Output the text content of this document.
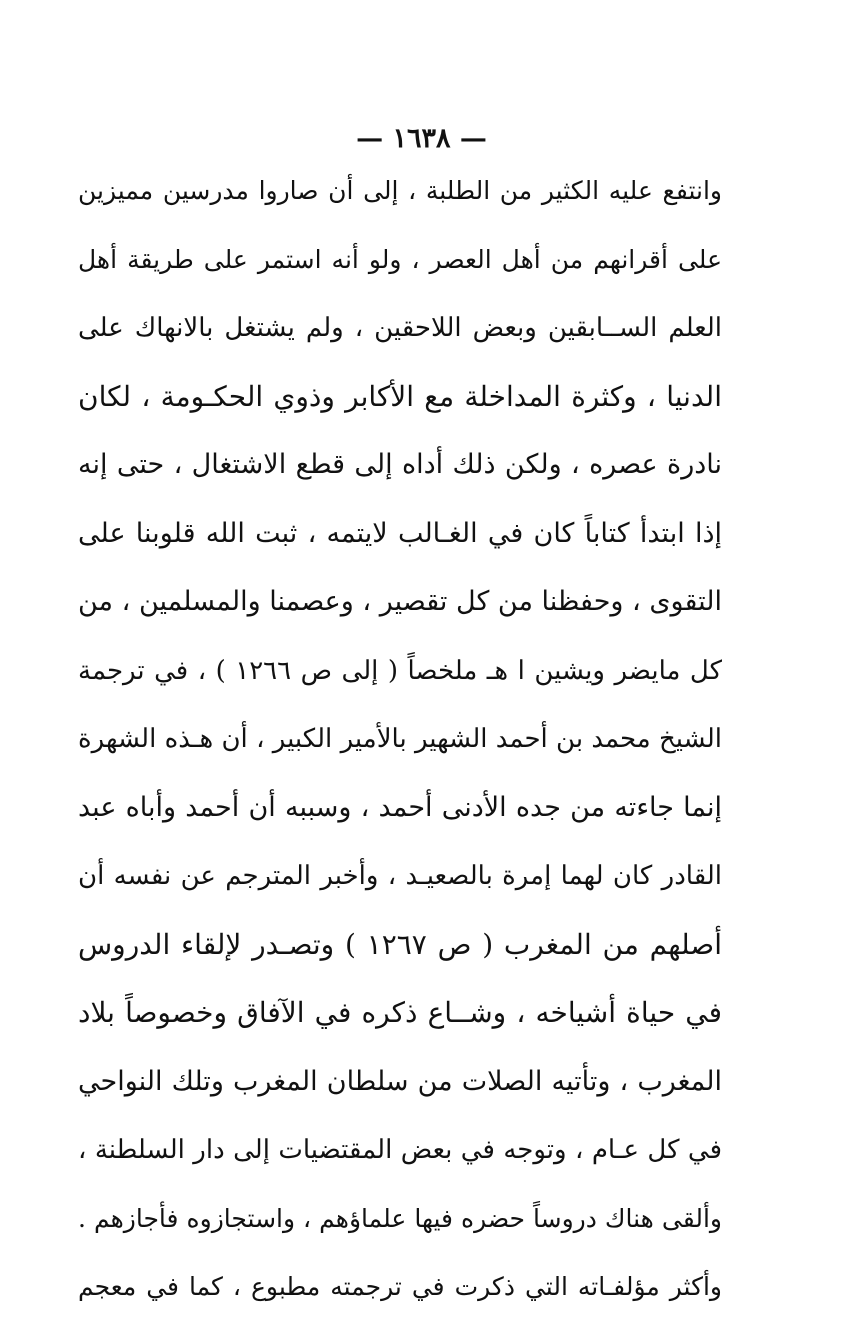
— ١٦٣٨ —
وانتفع عليه الكثير من الطلبة ، إلى أن صاروا مدرسين مميزين
على أقرانهم من أهل العصر ، ولو أنه استمر على طريقة أهل
العلم الســابقين وبعض اللاحقين ، ولم يشتغل بالانهاك على
الدنيا ، وكثرة المداخلة مع الأكابر وذوي الحكـومة ، لكان
نادرة عصره ، ولكن ذلك أداه إلى قطع الاشتغال ، حتى إنه
إذا ابتدأ كتاباً كان في الغـالب لايتمه ، ثبت الله قلوبنا على
التقوى ، وحفظنا من كل تقصير ، وعصمنا والمسلمين ، من
كل مايضر ويشين ا هـ ملخصاً ( إلى ص ١٢٦٦ ) ، في ترجمة
الشيخ محمد بن أحمد الشهير بالأمير الكبير ، أن هـذه الشهرة
إنما جاءته من جده الأدنى أحمد ، وسببه أن أحمد وأباه عبد
القادر كان لهما إمرة بالصعيـد ، وأخبر المترجم عن نفسه أن
أصلهم من المغرب ( ص ١٢٦٧ ) وتصـدر لإلقاء الدروس
في حياة أشياخه ، وشــاع ذكره في الآفاق وخصوصاً بلاد
المغرب ، وتأتيه الصلات من سلطان المغرب وتلك النواحي
في كل عـام ، وتوجه في بعض المقتضيات إلى دار السلطنة ،
وألقى هناك دروساً حضره فيها علماؤهم ، واستجازوه فأجازهم .
وأكثر مؤلفـاته التي ذكرت في ترجمته مطبوع ، كما في معجم
